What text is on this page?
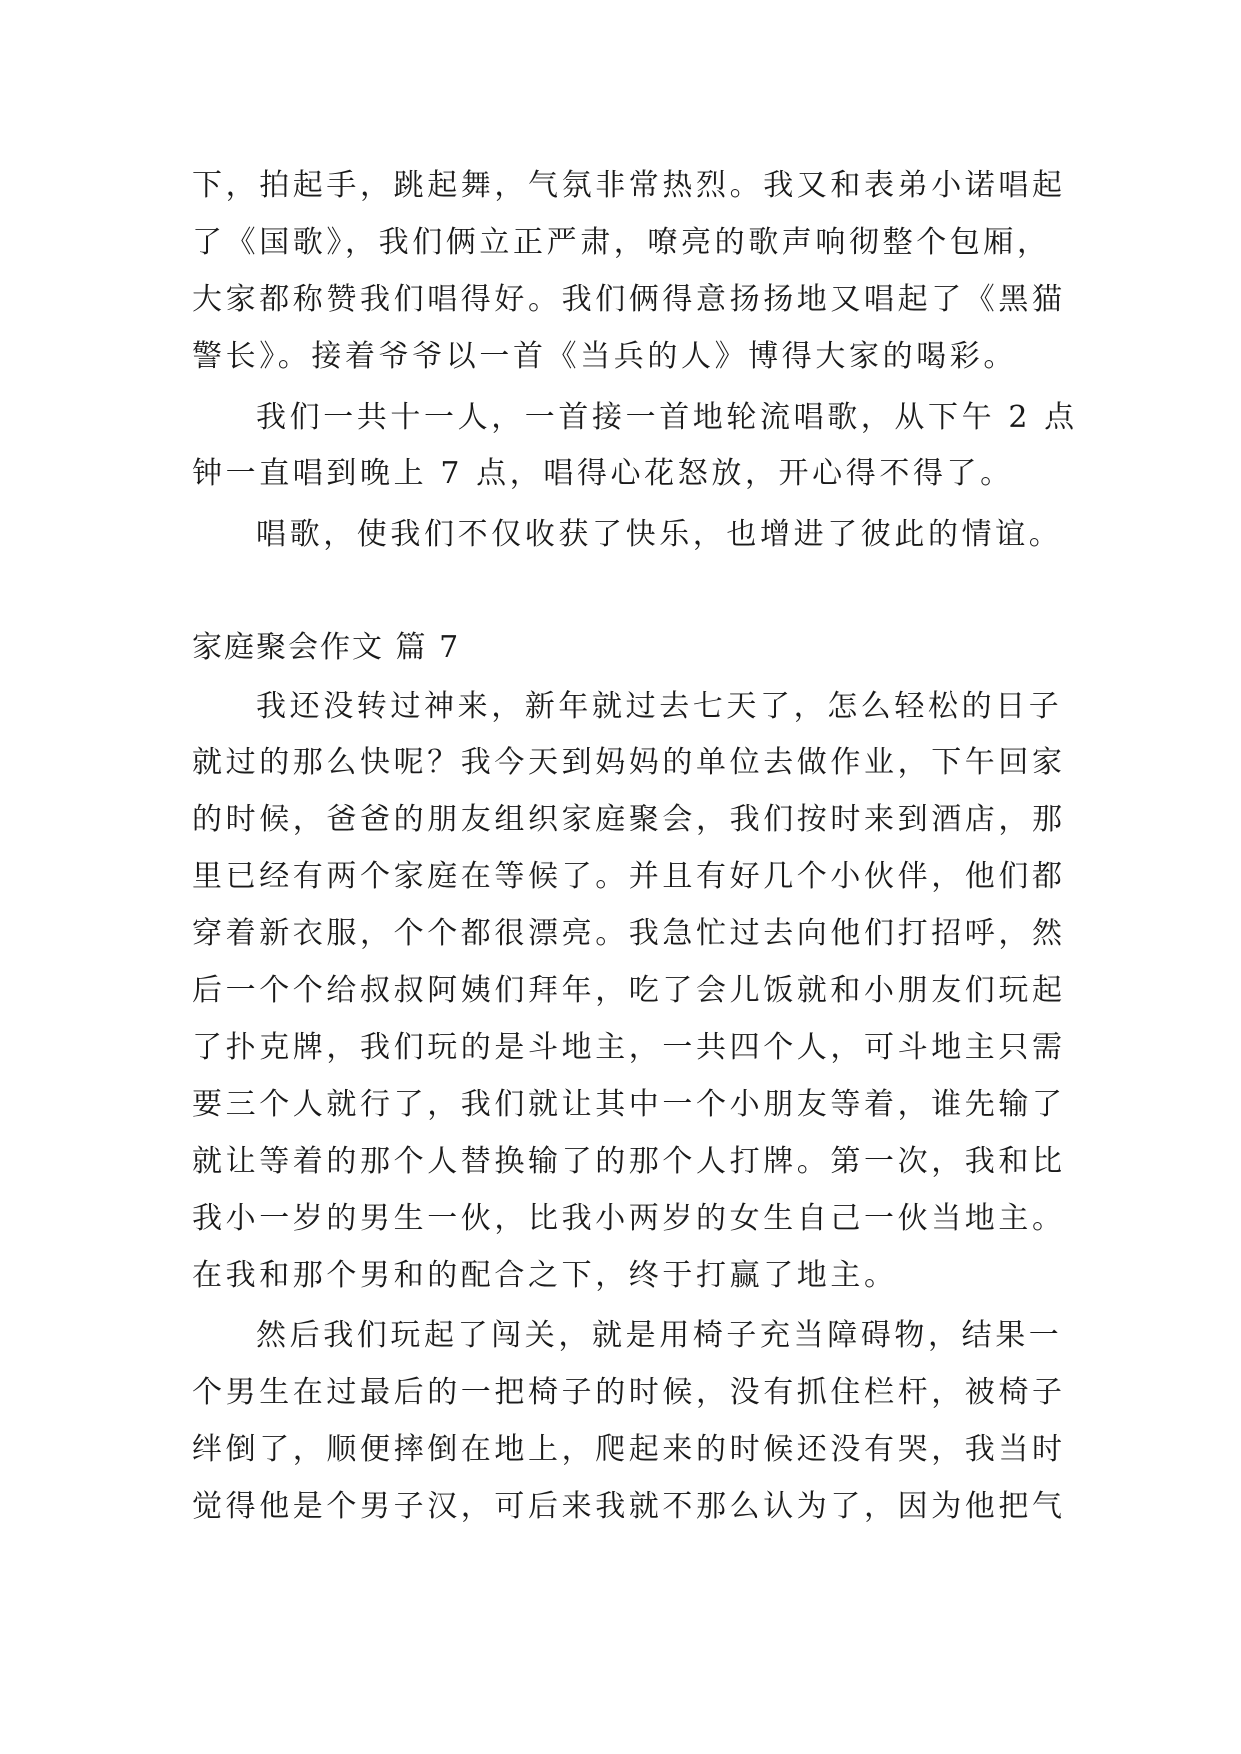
下，拍起手，跳起舞，气氛非常热烈。我又和表弟小诺唱起
了《国歌》，我们俩立正严肃，嘹亮的歌声响彻整个包厢，
大家都称赞我们唱得好。我们俩得意扬扬地又唱起了《黑猫
警长》。接着爷爷以一首《当兵的人》博得大家的喝彩。
我们一共十一人，一首接一首地轮流唱歌，从下午 2 点
钟一直唱到晚上 7 点，唱得心花怒放，开心得不得了。
唱歌，使我们不仅收获了快乐，也增进了彼此的情谊。
家庭聚会作文 篇 7
我还没转过神来，新年就过去七天了，怎么轻松的日子
就过的那么快呢？我今天到妈妈的单位去做作业，下午回家
的时候，爸爸的朋友组织家庭聚会，我们按时来到酒店，那
里已经有两个家庭在等候了。并且有好几个小伙伴，他们都
穿着新衣服，个个都很漂亮。我急忙过去向他们打招呼，然
后一个个给叔叔阿姨们拜年，吃了会儿饭就和小朋友们玩起
了扑克牌，我们玩的是斗地主，一共四个人，可斗地主只需
要三个人就行了，我们就让其中一个小朋友等着，谁先输了
就让等着的那个人替换输了的那个人打牌。第一次，我和比
我小一岁的男生一伙，比我小两岁的女生自己一伙当地主。
在我和那个男和的配合之下，终于打赢了地主。
然后我们玩起了闯关，就是用椅子充当障碍物，结果一
个男生在过最后的一把椅子的时候，没有抓住栏杆，被椅子
绊倒了，顺便摔倒在地上，爬起来的时候还没有哭，我当时
觉得他是个男子汉，可后来我就不那么认为了，因为他把气
